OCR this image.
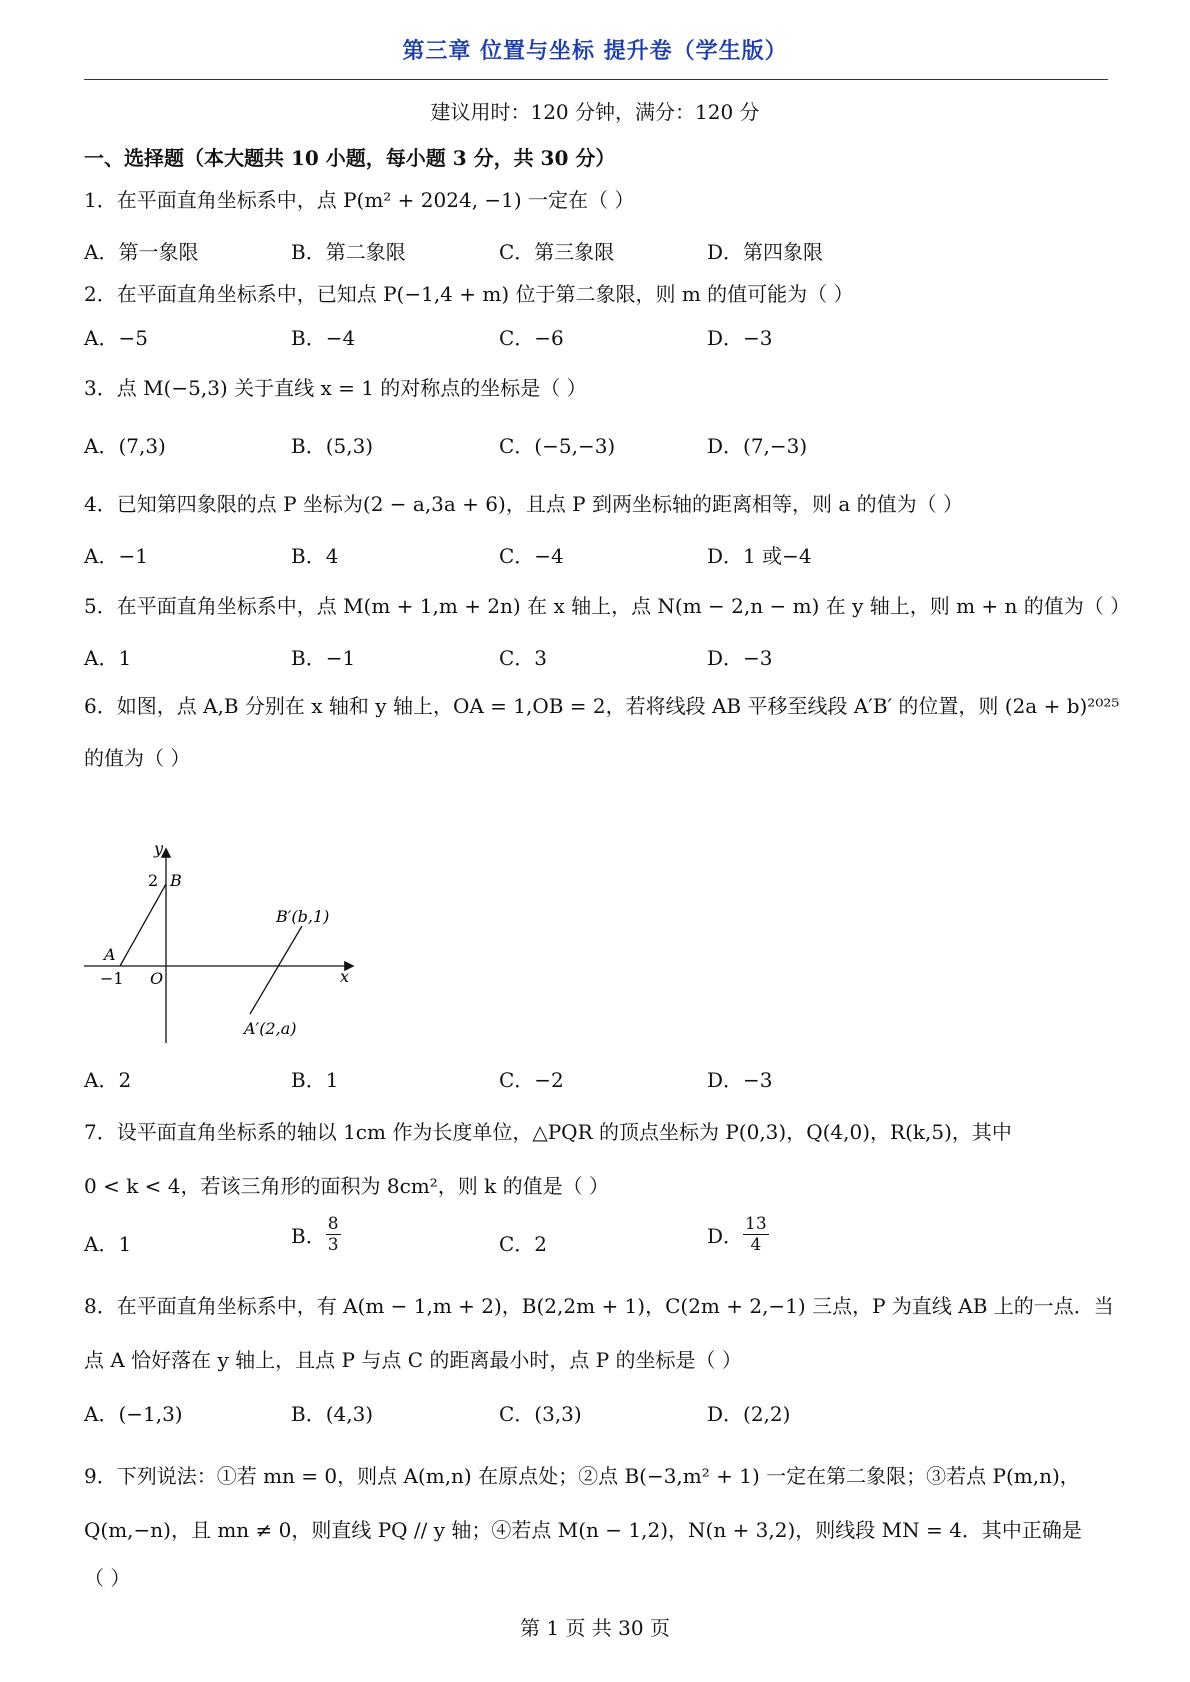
第三章 位置与坐标 提升卷（学生版）
建议用时：120 分钟，满分：120 分
一、选择题（本大题共 10 小题，每小题 3 分，共 30 分）
1．在平面直角坐标系中，点 P(m² + 2024, −1) 一定在（ ）
A．第一象限	B．第二象限	C．第三象限	D．第四象限
2．在平面直角坐标系中，已知点 P(−1,4 + m) 位于第二象限，则 m 的值可能为（ ）
A．−5	B．−4	C．−6	D．−3
3．点 M(−5,3) 关于直线 x = 1 的对称点的坐标是（ ）
A．(7,3)	B．(5,3)	C．(−5,−3)	D．(7,−3)
4．已知第四象限的点 P 坐标为(2 − a,3a + 6)，且点 P 到两坐标轴的距离相等，则 a 的值为（ ）
A．−1	B．4	C．−4	D．1 或−4
5．在平面直角坐标系中，点 M(m + 1,m + 2n) 在 x 轴上，点 N(m − 2,n − m) 在 y 轴上，则 m + n 的值为（ ）
A．1	B．−1	C．3	D．−3
的值为（ ）
6．如图，点 A,B 分别在 x 轴和 y 轴上，OA = 1,OB = 2，若将线段 AB 平移至线段 A′B′ 的位置，则 (2a + b)²⁰²⁵
y
x
O
2 B
A
−1
B′(b,1)
A′(2,a)
A．2	B．1	C．−2	D．−3
7．设平面直角坐标系的轴以 1cm 作为长度单位，△PQR 的顶点坐标为 P(0,3)，Q(4,0)，R(k,5)，其中
0 < k < 4，若该三角形的面积为 8cm²，则 k 的值是（ ）
A．1	B． $\frac{8}{3}$	C．2	D． $\frac{13}{4}$
8．在平面直角坐标系中，有 A(m − 1,m + 2)，B(2,2m + 1)，C(2m + 2,−1) 三点，P 为直线 AB 上的一点．当
点 A 恰好落在 y 轴上，且点 P 与点 C 的距离最小时，点 P 的坐标是（ ）
A．(−1,3)	B．(4,3)	C．(3,3)	D．(2,2)
9．下列说法：①若 mn = 0，则点 A(m,n) 在原点处；②点 B(−3,m² + 1) 一定在第二象限；③若点 P(m,n)，
Q(m,−n)，且 mn ≠ 0，则直线 PQ // y 轴；④若点 M(n − 1,2)，N(n + 3,2)，则线段 MN = 4．其中正确是
（ ）
第 1 页 共 30 页
